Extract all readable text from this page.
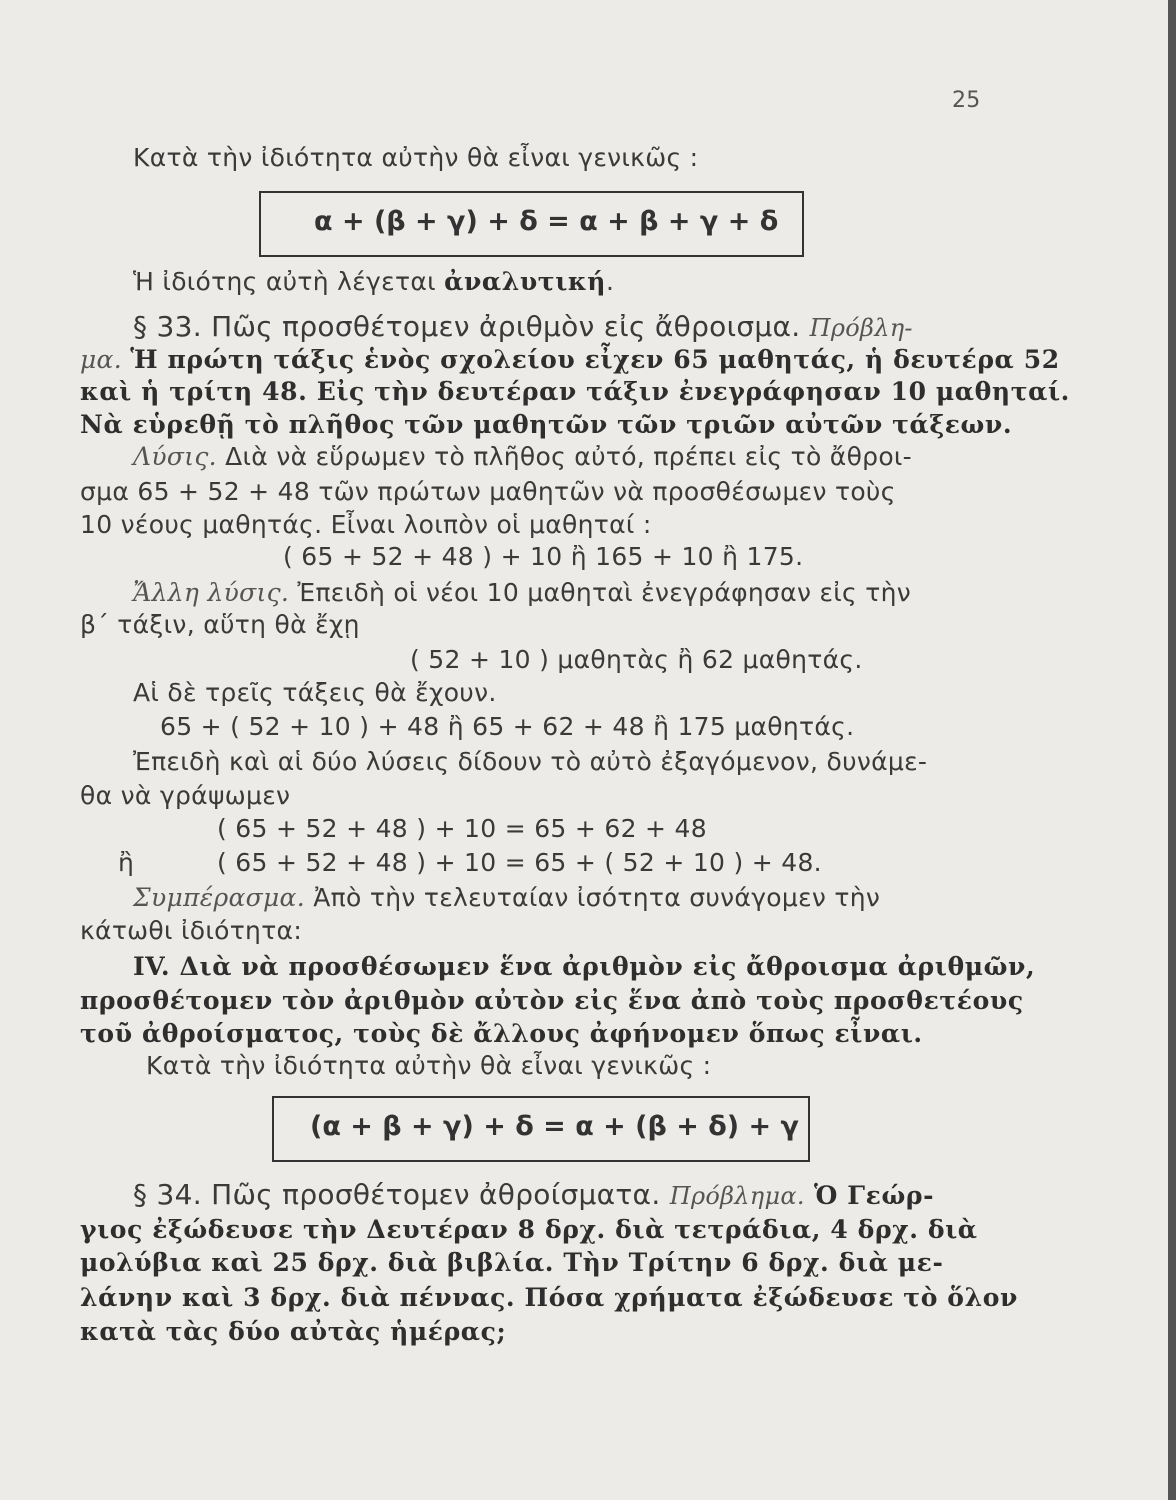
25
Κατὰ τὴν ἰδιότητα αὐτὴν θὰ εἶναι γενικῶς :
α + (β + γ) + δ = α + β + γ + δ
Ἡ ἰδιότης αὐτὴ λέγεται ἀναλυτική.
§ 33. Πῶς προσθέτομεν ἀριθμὸν εἰς ἄθροισμα. Πρόβλη-
μα. Ἡ πρώτη τάξις ἑνὸς σχολείου εἶχεν 65 μαθητάς, ἡ δευτέρα 52
καὶ ἡ τρίτη 48. Εἰς τὴν δευτέραν τάξιν ἐνεγράφησαν 10 μαθηταί.
Νὰ εὑρεθῇ τὸ πλῆθος τῶν μαθητῶν τῶν τριῶν αὐτῶν τάξεων.
Λύσις. Διὰ νὰ εὕρωμεν τὸ πλῆθος αὐτό, πρέπει εἰς τὸ ἄθροι-
σμα 65 + 52 + 48 τῶν πρώτων μαθητῶν νὰ προσθέσωμεν τοὺς
10 νέους μαθητάς. Εἶναι λοιπὸν οἱ μαθηταί :
( 65 + 52 + 48 ) + 10 ἢ 165 + 10 ἢ 175.
Ἄλλη λύσις. Ἐπειδὴ οἱ νέοι 10 μαθηταὶ ἐνεγράφησαν εἰς τὴν
β΄ τάξιν, αὕτη θὰ ἔχῃ
( 52 + 10 ) μαθητὰς ἢ 62 μαθητάς.
Αἱ δὲ τρεῖς τάξεις θὰ ἔχουν.
65 + ( 52 + 10 ) + 48 ἢ 65 + 62 + 48 ἢ 175 μαθητάς.
Ἐπειδὴ καὶ αἱ δύο λύσεις δίδουν τὸ αὐτὸ ἐξαγόμενον, δυνάμε-
θα νὰ γράψωμεν
( 65 + 52 + 48 ) + 10 = 65 + 62 + 48
ἢ	( 65 + 52 + 48 ) + 10 = 65 + ( 52 + 10 ) + 48.
Συμπέρασμα. Ἀπὸ τὴν τελευταίαν ἰσότητα συνάγομεν τὴν
κάτωθι ἰδιότητα:
IV. Διὰ νὰ προσθέσωμεν ἕνα ἀριθμὸν εἰς ἄθροισμα ἀριθμῶν,
προσθέτομεν τὸν ἀριθμὸν αὐτὸν εἰς ἕνα ἀπὸ τοὺς προσθετέους
τοῦ ἀθροίσματος, τοὺς δὲ ἄλλους ἀφήνομεν ὅπως εἶναι.
Κατὰ τὴν ἰδιότητα αὐτὴν θὰ εἶναι γενικῶς :
(α + β + γ) + δ = α + (β + δ) + γ
§ 34. Πῶς προσθέτομεν ἀθροίσματα. Πρόβλημα. Ὁ Γεώρ-
γιος ἐξώδευσε τὴν Δευτέραν 8 δρχ. διὰ τετράδια, 4 δρχ. διὰ
μολύβια καὶ 25 δρχ. διὰ βιβλία. Τὴν Τρίτην 6 δρχ. διὰ με-
λάνην καὶ 3 δρχ. διὰ πέννας. Πόσα χρήματα ἐξώδευσε τὸ ὅλον
κατὰ τὰς δύο αὐτὰς ἡμέρας;
